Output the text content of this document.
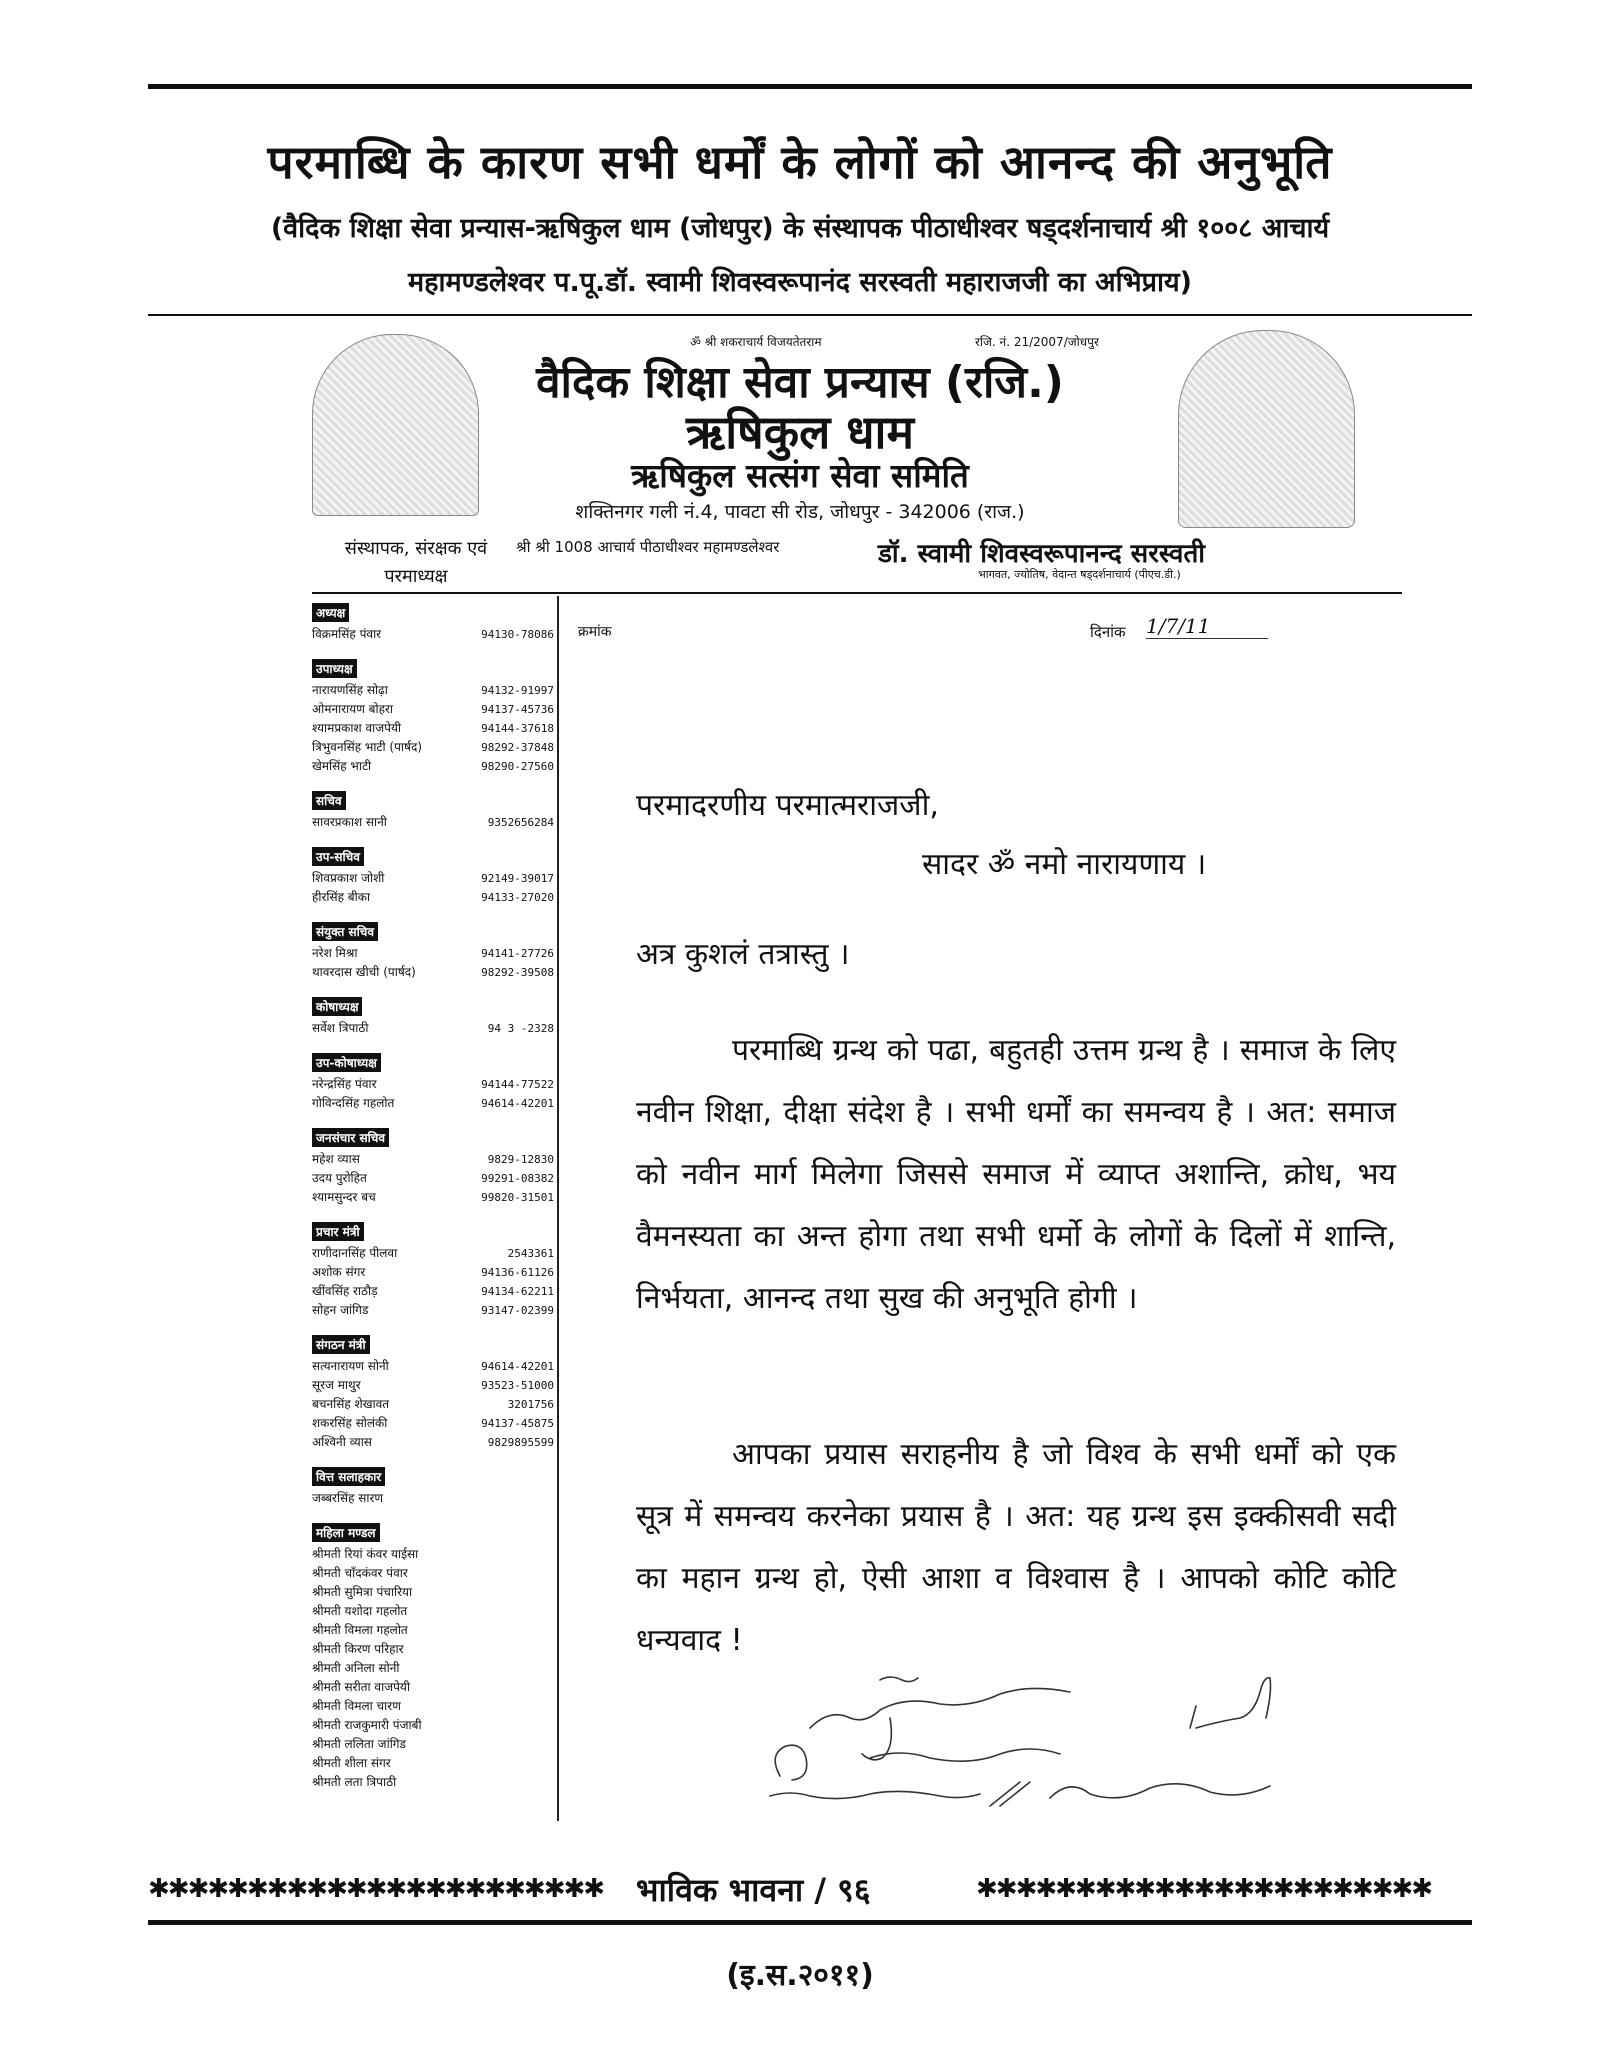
परमाब्धि के कारण सभी धर्मों के लोगों को आनन्द की अनुभूति
(वैदिक शिक्षा सेवा प्रन्यास-ऋषिकुल धाम (जोधपुर) के संस्थापक पीठाधीश्वर षड्दर्शनाचार्य श्री १००८ आचार्य
महामण्डलेश्वर प.पू.डॉ. स्वामी शिवस्वरूपानंद सरस्वती महाराजजी का अभिप्राय)
ॐ श्री शकराचार्य विजयतेतराम	रजि. नं. 21/2007/जोधपुर
वैदिक शिक्षा सेवा प्रन्यास (रजि.)
ऋषिकुल धाम
ऋषिकुल सत्संग सेवा समिति
शक्तिनगर गली नं.4, पावटा सी रोड, जोधपुर - 342006 (राज.)
संस्थापक, संरक्षक एवं परमाध्यक्ष
श्री श्री 1008 आचार्य पीठाधीश्वर महामण्डलेश्वर	डॉ. स्वामी शिवस्वरूपानन्द सरस्वती
भागवत, ज्योतिष, वेदान्त षड्दर्शनाचार्य (पीएच.डी.)
अध्यक्ष
विक्रमसिंह पंवार	94130-78086
उपाध्यक्ष
नारायणसिंह सोढ़ा	94132-91997
ओमनारायण बोहरा	94137-45736
श्यामप्रकाश वाजपेयी	94144-37618
त्रिभुवनसिंह भाटी (पार्षद)	98292-37848
खेमसिंह भाटी	98290-27560
सचिव
सावरप्रकाश सानी	9352656284
उप-सचिव
शिवप्रकाश जोशी	92149-39017
हीरसिंह बीका	94133-27020
संयुक्त सचिव
नरेश मिश्रा	94141-27726
थावरदास खीची (पार्षद)	98292-39508
कोषाध्यक्ष
सर्वेश त्रिपाठी	94 3 -2328
उप-कोषाध्यक्ष
नरेन्द्रसिंह पंवार	94144-77522
गोविन्दसिंह गहलोत	94614-42201
जनसंचार सचिव
महेश व्यास	9829-12830
उदय पुरोहित	99291-08382
श्यामसुन्दर बच	99820-31501
प्रचार मंत्री
राणीदानसिंह पीलवा	2543361
अशोक संगर	94136-61126
खींवसिंह राठौड़	94134-62211
सोहन जांगिड	93147-02399
संगठन मंत्री
सत्यनारायण सोनी	94614-42201
सूरज माथुर	93523-51000
बचनसिंह शेखावत	3201756
शकरसिंह सोलंकी	94137-45875
अश्विनी व्यास	9829895599
वित्त सलाहकार
जब्बरसिंह सारण
महिला मण्डल
श्रीमती रियां कंवर याईसा
श्रीमती चाँदकंवर पंवार
श्रीमती सुमित्रा पंचारिया
श्रीमती यशोदा गहलोत
श्रीमती विमला गहलोत
श्रीमती किरण परिहार
श्रीमती अनिला सोनी
श्रीमती सरीता वाजपेयी
श्रीमती विमला चारण
श्रीमती राजकुमारी पंजाबी
श्रीमती ललिता जांगिड
श्रीमती शीला संगर
श्रीमती लता त्रिपाठी
क्रमांक	दिनांक 1/7/11
परमादरणीय परमात्मराजजी,
सादर ॐ नमो नारायणाय ।
अत्र कुशलं तत्रास्तु ।
परमाब्धि ग्रन्थ को पढा, बहुतही उत्तम ग्रन्थ है । समाज के लिए नवीन शिक्षा, दीक्षा संदेश है । सभी धर्मों का समन्वय है । अत: समाज को नवीन मार्ग मिलेगा जिससे समाज में व्याप्त अशान्ति, क्रोध, भय वैमनस्यता का अन्त होगा तथा सभी धर्मो के लोगों के दिलों में शान्ति, निर्भयता, आनन्द तथा सुख की अनुभूति होगी ।
आपका प्रयास सराहनीय है जो विश्व के सभी धर्मों को एक सूत्र में समन्वय करनेका प्रयास है । अत: यह ग्रन्थ इस इक्कीसवी सदी का महान ग्रन्थ हो, ऐसी आशा व विश्वास है । आपको कोटि कोटि धन्यवाद !
✱✱✱✱✱✱✱✱✱✱✱✱✱✱✱✱✱✱✱✱✱✱✱	भाविक भावना / ९६	✱✱✱✱✱✱✱✱✱✱✱✱✱✱✱✱✱✱✱✱✱✱✱
(इ.स.२०११)
